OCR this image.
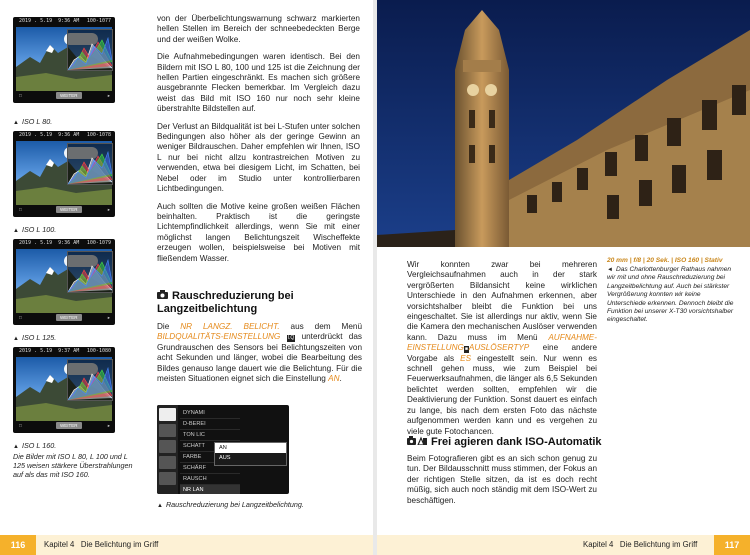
2019 . 5.19 9:36 AM 100-1077
□	WEITER	▸
▲ ISO L 80.
2019 . 5.19 9:36 AM 100-1078
□	WEITER	▸
▲ ISO L 100.
2019 . 5.19 9:36 AM 100-1079
□	WEITER	▸
▲ ISO L 125.
2019 . 5.19 9:37 AM 100-1080
□	WEITER	▸
▲ ISO L 160.
Die Bilder mit ISO L 80, L 100 und L 125 weisen stärkere Überstrahlungen auf als das mit ISO 160.

von der Überbelichtungswarnung schwarz markierten hellen Stellen im Bereich der schneebedeckten Berge und der weißen Wolke.

Die Aufnahmebedingungen waren identisch. Bei den Bildern mit ISO L 80, 100 und 125 ist die Zeichnung der hellen Partien eingeschränkt. Es machen sich größere ausgebrannte Flecken bemerkbar. Im Vergleich dazu weist das Bild mit ISO 160 nur noch sehr kleine überstrahlte Bildstellen auf.

Der Verlust an Bildqualität ist bei L-Stufen unter solchen Bedingungen also höher als der geringe Gewinn an weniger Bildrauschen. Daher empfehlen wir Ihnen, ISO L nur bei nicht allzu kontrastreichen Motiven zu verwenden, etwa bei diesigem Licht, im Schatten, bei Nebel oder im Studio unter kontrollierbaren Lichtbedingungen.

Auch sollten die Motive keine großen weißen Flächen beinhalten. Praktisch ist die geringste Lichtempfindlichkeit allerdings, wenn Sie mit einer möglichst langen Belichtungszeit Wischeffekte erzeugen wollen, beispielsweise bei Motiven mit fließendem Wasser.

Rauschreduzierung bei Langzeitbelichtung

Die NR LANGZ. BELICHT. aus dem Menü BILDQUALITÄTS-EINSTELLUNG I.Q unterdrückt das Grundrauschen des Sensors bei Belichtungszeiten von acht Sekunden und länger, wobei die Bearbeitung des Bildes genauso lange dauert wie die Belichtung. Für die meisten Situationen eignet sich die Einstellung AN.

DYNAMI
D-BEREI
TON LIC
SCHATT
FARBE
SCHÄRF
RAUSCH
NR LAN
AN
AUS
▲ Rauschreduzierung bei Langzeitbelichtung.
116	Kapitel 4 Die Belichtung im Griff
20 mm | f/8 | 20 Sek. | ISO 160 | Stativ
◄ Das Charlottenburger Rathaus nahmen wir mit und ohne Rauschreduzierung bei Langzeitbelichtung auf. Auch bei stärkster Vergrößerung konnten wir keine Unterschiede erkennen. Dennoch bleibt die Funktion bei unserer X-T30 vorsichtshalber eingeschaltet.

Wir konnten zwar bei mehreren Vergleichsaufnahmen auch in der stark vergrößerten Bildansicht keine wirklichen Unterschiede in den Aufnahmen erkennen, aber vorsichtshalber bleibt die Funktion bei uns eingeschaltet. Sie ist allerdings nur aktiv, wenn Sie die Kamera den mechanischen Auslöser verwenden kann. Dazu muss im Menü AUFNAHME-EINSTELLUNG■AUSLÖSERTYP eine andere Vorgabe als ES eingestellt sein. Nur wenn es schnell gehen muss, wie zum Beispiel bei Feuerwerksaufnahmen, die länger als 6,5 Sekunden belichtet werden sollten, empfehlen wir die Deaktivierung der Funktion. Sonst dauert es einfach zu lange, bis nach dem ersten Foto das nächste aufgenommen werden kann und es vergehen zu viele gute Fotochancen.

Frei agieren dank ISO-Automatik

Beim Fotografieren gibt es an sich schon genug zu tun. Der Bildausschnitt muss stimmen, der Fokus an der richtigen Stelle sitzen, da ist es doch recht müßig, sich auch noch ständig mit dem ISO-Wert zu beschäftigen.

Kapitel 4 Die Belichtung im Griff	117
